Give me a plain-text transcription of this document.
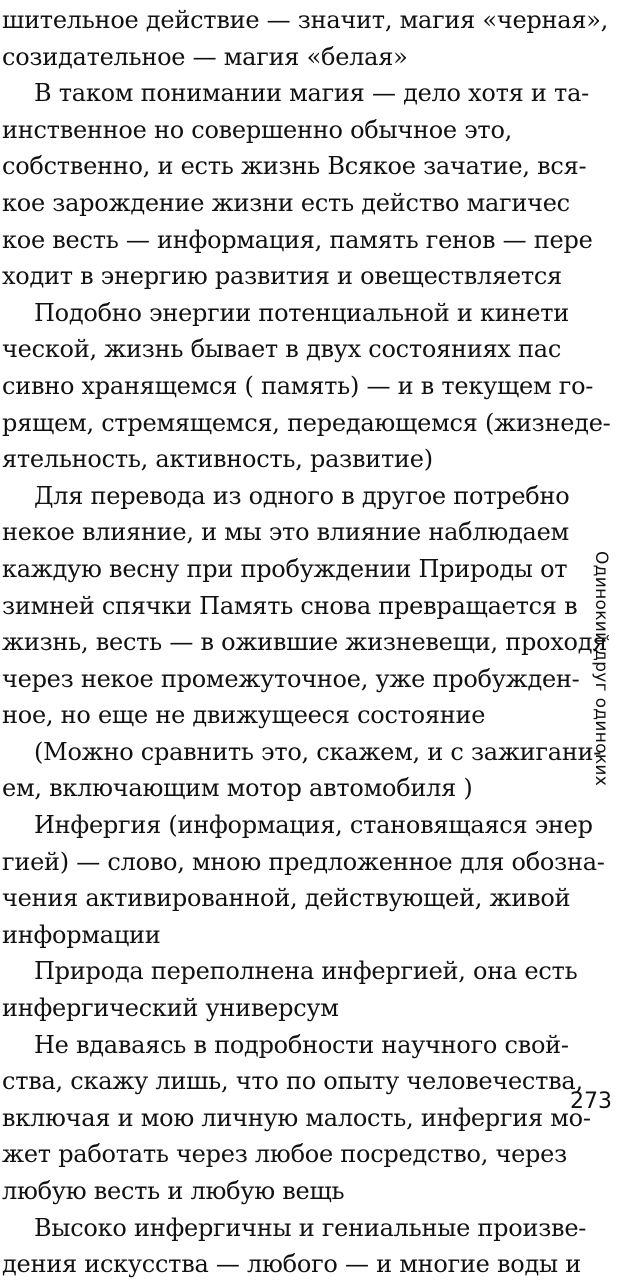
шительное действие — значит, магия «черная»,
созидательное — магия «белая»
В таком понимании магия — дело хотя и та-
инственное но совершенно обычное это,
собственно, и есть жизнь Всякое зачатие, вся-
кое зарождение жизни есть действо магичес
кое весть — информация, память генов — пере
ходит в энергию развития и овеществляется
Подобно энергии потенциальной и кинети
ческой, жизнь бывает в двух состояниях пас
сивно хранящемся ( память) — и в текущем го-
рящем, стремящемся, передающемся (жизнеде-
ятельность, активность, развитие)
Для перевода из одного в другое потребно
некое влияние, и мы это влияние наблюдаем
каждую весну при пробуждении Природы от
зимней спячки Память снова превращается в
жизнь, весть — в ожившие жизневещи, проходя
через некое промежуточное, уже пробужден-
ное, но еще не движущееся состояние
(Можно сравнить это, скажем, и с зажигани-
ем, включающим мотор автомобиля )
Инфергия (информация, становящаяся энер
гией) — слово, мною предложенное для обозна-
чения активированной, действующей, живой
информации
Природа переполнена инфергией, она есть
инфергический универсум
Не вдаваясь в подробности научного свой-
ства, скажу лишь, что по опыту человечества,
включая и мою личную малость, инфергия мо-
жет работать через любое посредство, через
любую весть и любую вещь
Высоко инфергичны и гениальные произве-
дения искусства — любого — и многие воды и
Одинокий друг одиноких
273
